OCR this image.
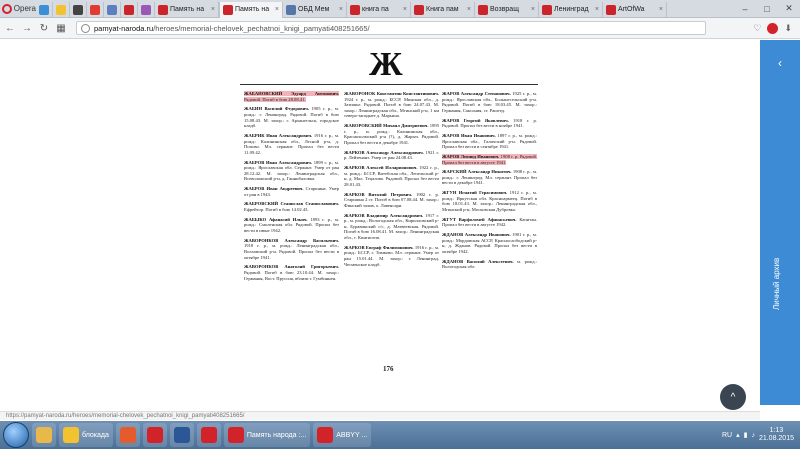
Opera	Память на ×	Память на ×	ОБД Мем ×	книга па ×	Книга пам ×	Возвращ ×	Ленинград ×	ArtOfWa ×	–	□	✕
← → ↻ ▦	pamyat-naroda.ru /heroes/memorial-chelovek_pechatnoi_knigi_pamyati408251665/	♡	⬇
Ж
ЖАБАНОВСКИЙ Эдуард Антонович. Рядовой. Погиб в бою 28.08.41.
ЖАБИН Василий Федорович. 1905 г. р., м. рожд.: г. Ленинград. Рядовой. Погиб в бою 15.08.43. М. захор.: г. Архангельск, городское кладб.
ЖАБРИК Иван Александрович. 1916 г. р., м. рожд.: Калининская обл., Лесной р-н, д. Попово. Мл. сержант. Пропал без вести 11.09.42.
ЖАБРОВ Иван Александрович. 1899 г. р., м. рожд.: Ярославская обл. Сержант. Умер от ран 28.12.42. М. захор.: Ленинградская обл., Всеволожский р-н, д. Ганнибаловка.
ЖАБРОВ Иван Андреевич. Старшина. Умер от ран в 1943.
ЖАБРОВСКИЙ Станислав Станиславович. Ефрейтор. Погиб в бою 14.02.43.
ЖАБЫКО Афанасий Ильич. 1893 г. р., м. рожд.: Смоленская обл. Рядовой. Пропал без вести в июне 1942.
ЖАВОРОНКОВ Александр Васильевич. 1918 г. р., м. рожд.: Ленинградская обл., Волховский р-н. Рядовой. Пропал без вести в октябре 1941.
ЖАВОРОНКОВ Анатолий Григорьевич. Рядовой. Погиб в бою 23.10.44. М. захор.: Германия, Вост. Пруссия, вблизи г. Гумбиннен.
ЖАВОРОНОК Константин Константинович. 1924 г. р., м. рожд.: БССР, Минская обл., д. Затишье. Рядовой. Погиб в бою 24.07.43. М. захор.: Ленинградская обл., Мгинский р-н, 1 км северо-западнее д. Марьино.
ЖАВОРОВСКИЙ Михаил Дмитриевич. 1895 г. р., м. рожд.: Калининская обл., Краснохолмский р-н (?), д. Жарыч. Рядовой. Пропал без вести в декабре 1941.
ЖАРКОВ Александр Александрович. 1921 г. р. Лейтенант. Умер от ран 24.08.43.
ЖАРКОВ Алексей Илларионович. 1922 г. р., м. рожд.: БССР, Витебская обл., Лепельский р-н, д. Мал. Тецалово. Рядовой. Пропал без вести 28.01.43.
ЖАРКОВ Виталий Петрович. 1902 г. р. Старшина 2 ст. Погиб в бою 07.08.44. М. захор.: Финский залив, о. Лавенсари.
ЖАРКОВ Владимир Александрович. 1917 г. р., м. рожд.: Вологодская обл., Кирилловский р-н, Буравинский с/с, д. Матвеевская. Рядовой. Погиб в бою 16.08.41. М. захор.: Ленинградская обл., г. Кингисепп.
ЖАРКОВ Евграф Филимонович. 1916 г. р., м. рожд.: БССР, г. Тимково. Мл. сержант. Умер от ран 15.01.44. М. захор.: г. Ленинград, Чесменское кладб.
ЖАРОВ Александр Степанович. 1925 г. р., м. рожд.: Ярославская обл., Большесельский р-н. Рядовой. Погиб в бою 18.03.45. М. захор.: Германия, Саксония, ст. Раштед.
ЖАРОВ Георгий Яковлевич. 1918 г. р. Рядовой. Пропал без вести в ноябре 1941.
ЖАРОВ Иван Иванович. 1897 г. р., м. рожд.: Ярославская обл., Галичский р-н. Рядовой. Пропал без вести в сентябре 1941.
ЖАРОВ Леонид Иванович. 1908 г. р. Рядовой. Пропал без вести в августе 1941.
ЖАРСКИЙ Александр Никитич. 1908 г. р., м. рожд.: г. Ленинград. Мл. сержант. Пропал без вести в декабре 1941.
ЖГУН Игнатий Герасимович. 1912 г. р., м. рожд.: Иркутская обл. Красноармеец. Погиб в бою 18.01.43. М. захор.: Ленинградская обл., Мгинский р-н, Московская Дубровка.
ЖГУТ Варфоломей Афанасьевич. Капитан. Пропал без вести в августе 1942.
ЖДАНОВ Александр Иванович. 1901 г. р., м. рожд.: Мордовская АССР, Краснослободский р-н, д. Жданов. Рядовой. Пропал без вести в октябре 1942.
ЖДАНОВ Василий Алексеевич. м. рожд.: Вологодская обл.
176
‹
Личный архив
^
https://pamyat-naroda.ru/heroes/memorial-chelovek_pechatnoi_knigi_pamyati408251665/
блокада	Память народа :...	ABBYY ...	RU ▴ ▮ ♪
1:13
21.08.2015
